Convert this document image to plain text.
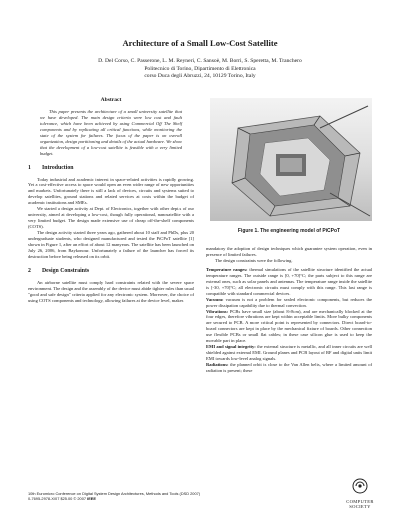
Architecture of a Small Low-Cost Satellite
D. Del Corso, C. Passerone, L. M. Reyneri, C. Sansoè, M. Borri, S. Speretta, M. Tranchero
Politecnico di Torino, Dipartimento di Elettronica
corso Duca degli Abruzzi, 24, 10129 Torino, Italy
Abstract

This paper presents the architecture of a small university satellite that we have developed. The main design criteria were low cost and fault tolerance, which have been achieved by using Commercial Off The Shelf components and by replicating all critical functions, while monitoring the state of the system for failures. The focus of the paper is on overall organization, design partitioning and details of the actual hardware. We show that the development of a low-cost satellite is feasible with a very limited budget.

1 Introduction

Today industrial and academic interest in space-related activities is rapidly growing. Yet a cost-effective access to space would open an even wider range of new opportunities and markets. Unfortunately there is still a lack of devices, circuits and systems suited to develop satellites, ground stations and related services at costs within the budget of academic institutions and SMEs.

We started a design activity at Dept. of Electronics, together with other dept.s of our university, aimed at developing a low-cost, though fully operational, nanosatellite with a very limited budget. The design made extensive use of cheap off-the-shelf components (COTS).

The design activity started three years ago, gathered about 10 staff and PhDs, plus 20 undergraduate students, who designed manufactured and tested the PiCPoT satellite [1] shown in Figure 1, after an effort of about 12 manyears. The satellite has been launched on July 26, 2006, from Baykonour. Unfortunately a failure of the launcher has forced its destruction before being released on its orbit.

2 Design Constraints

An airborne satellite must comply hard constraints related with the severe space environment. The design and the assembly of the device must abide tighter rules than usual "good and safe design" criteria applied for any electronic system. Moreover, the choice of using COTS components and technology, allowing failures at the device level, makes

Figure 1. The engineering model of PiCPoT

mandatory the adoption of design techniques which guarantee system operation, even in presence of limited failures.

The design constraints were the following.

Temperature ranges: thermal simulations of the satellite structure identified the actual temperature ranges. The outside range is [0, +70]°C; the parts subject to this range are external ones, such as solar panels and antennas. The temperature range inside the satellite is [-30, +70]°C; all electronic circuits must comply with this range. This last range is compatible with standard commercial devices.

Vacuum: vacuum is not a problem for sealed electronic components, but reduces the power dissipation capability due to thermal convection.

Vibrations: PCBs have small size (about 8×8cm), and are mechanically blocked at the four edges, therefore vibrations are kept within acceptable limits. More bulky components are secured to PCB. A more critical point is represented by connectors. Direct board-to-board connectors are kept in place by the mechanical fixture of boards. Other connection use flexible PCBs or small flat cables; in these case silicon glue is used to keep the movable part in place.

EMI and signal integrity: the external structure is metallic, and all inner circuits are well shielded against external EMI. Ground planes and PCB layout of RF and digital units limit EMI towards low-level analog signals.

Radiations: the planned orbit is close to the Van Allen belts, where a limited amount of radiation is present; these

10th Euromicro Conference on Digital System Design Architectures, Methods and Tools (DSD 2007)
0-7695-2978-X/07 $25.00 © 2007 IEEE
COMPUTER
SOCIETY
